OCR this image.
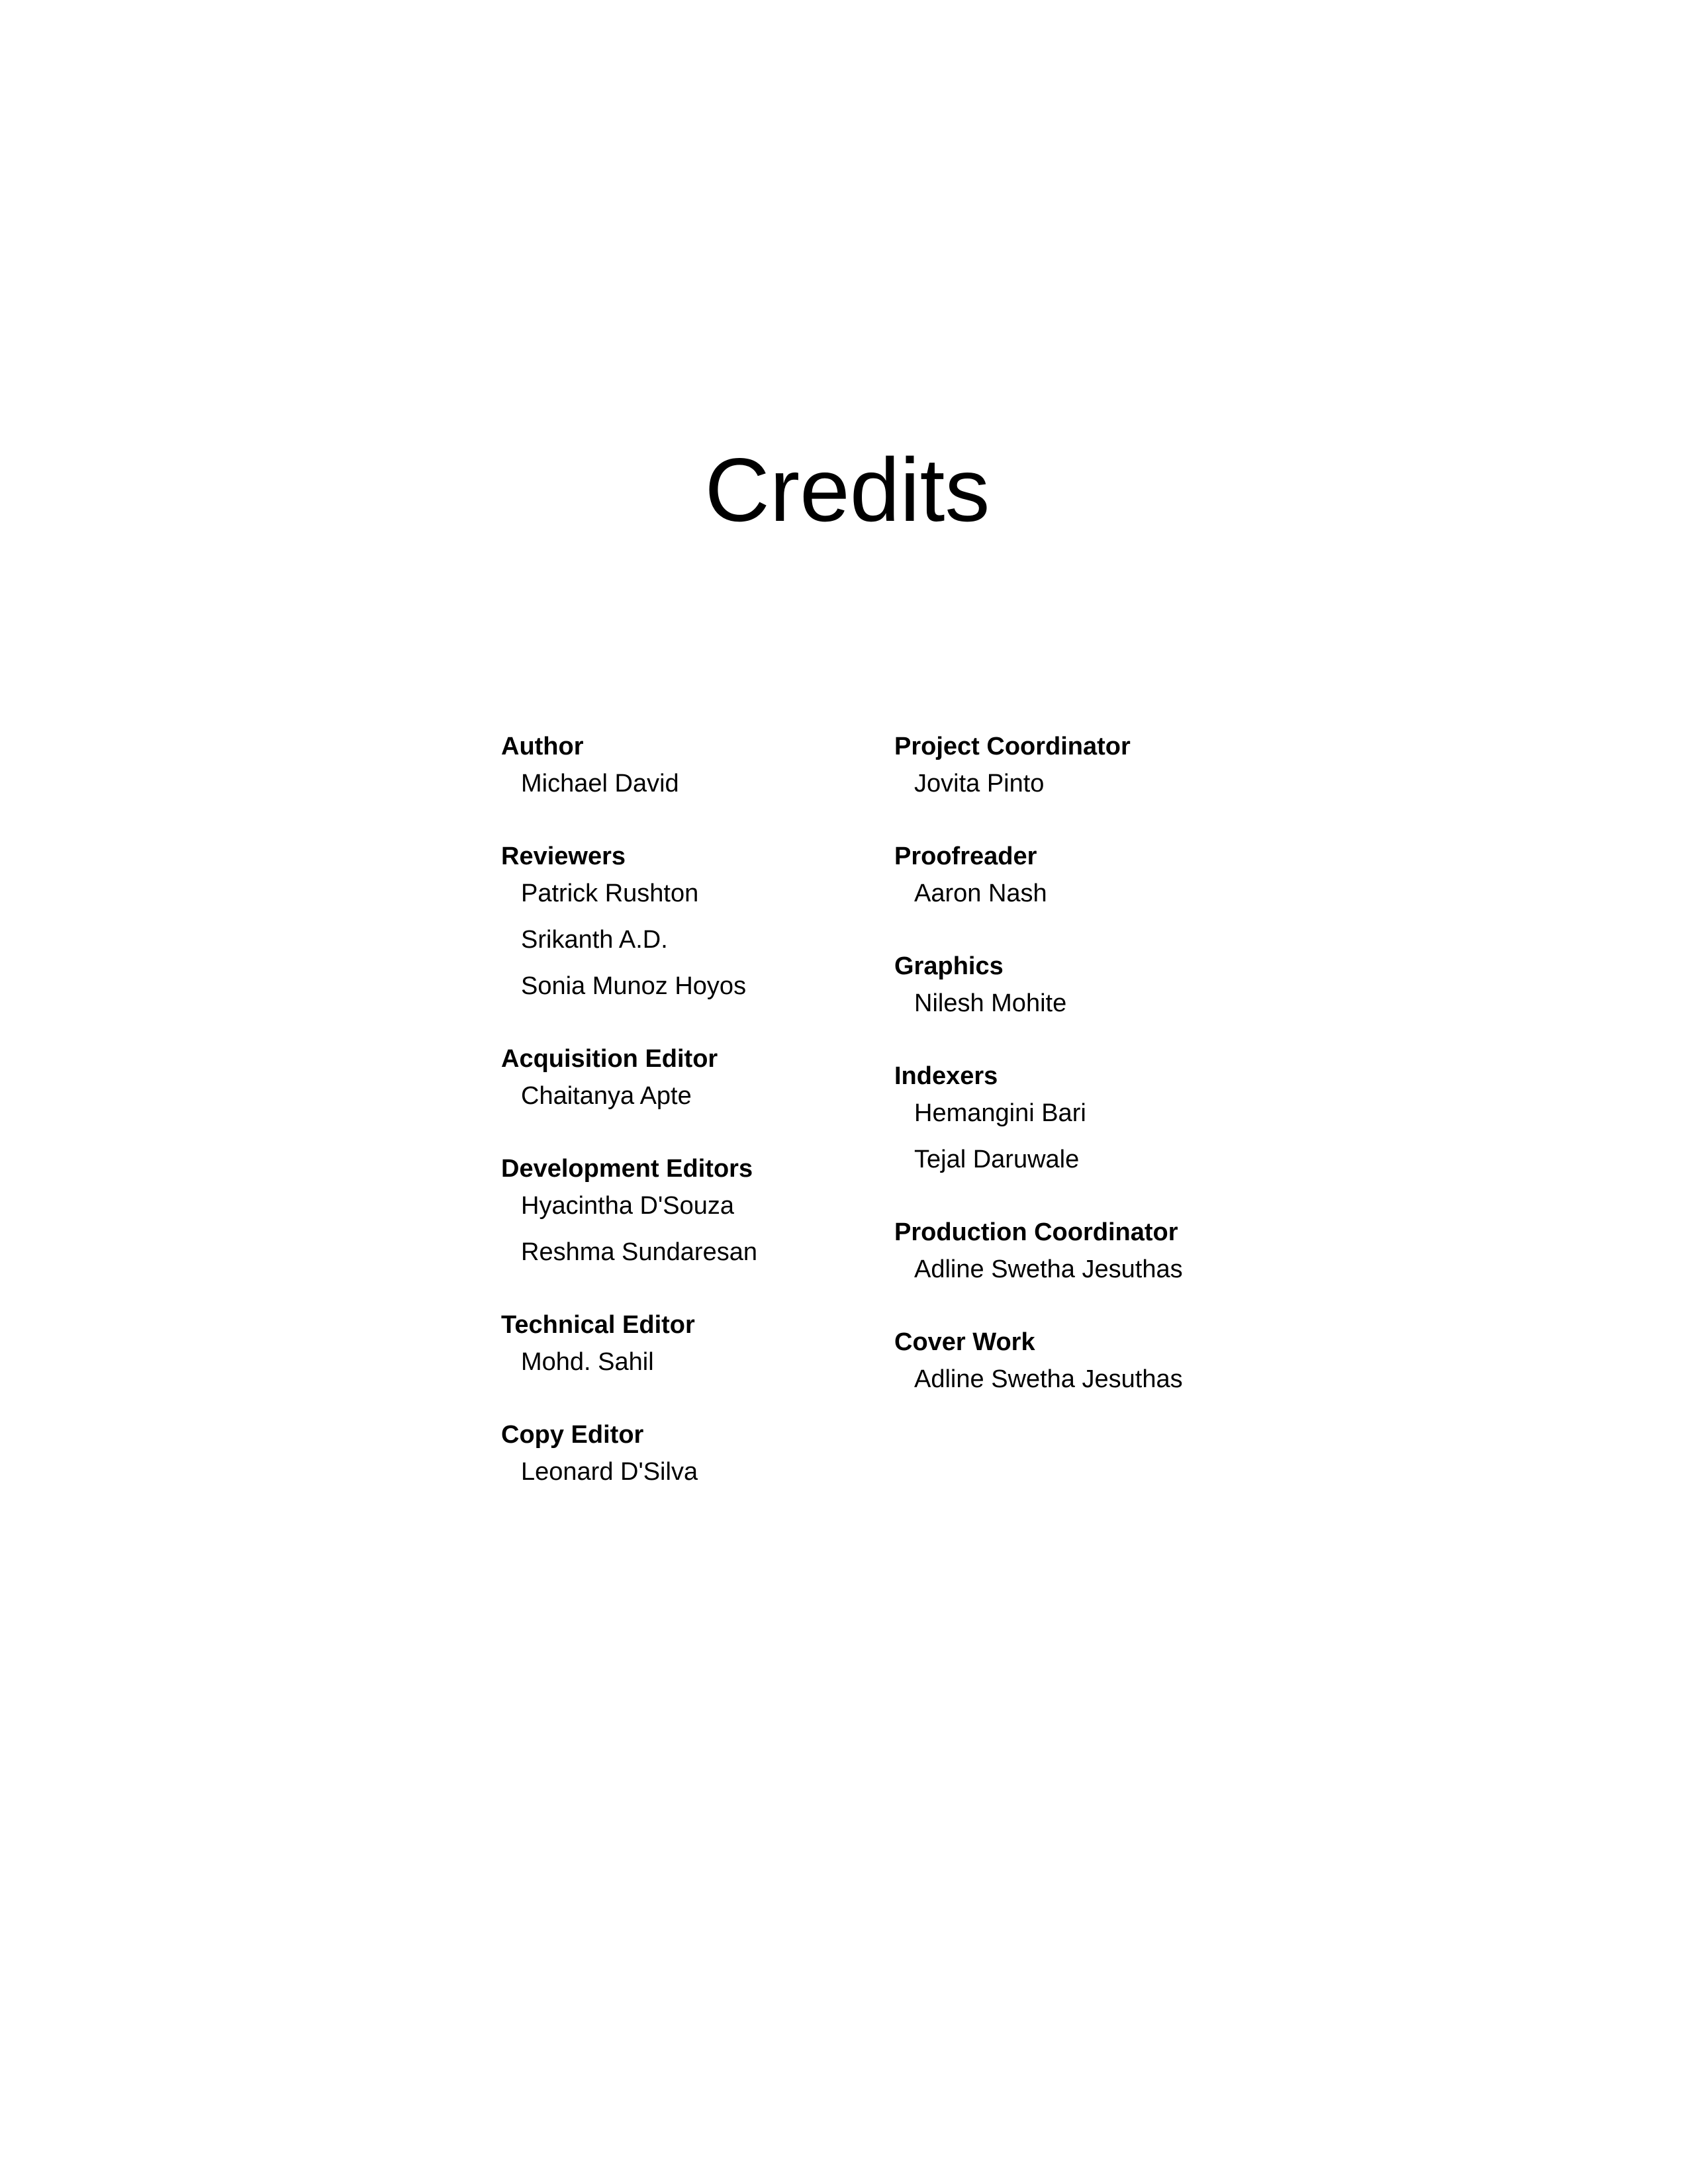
Credits

Author

Michael David

Reviewers

Patrick Rushton
Srikanth A.D.
Sonia Munoz Hoyos

Acquisition Editor

Chaitanya Apte

Development Editors

Hyacintha D'Souza
Reshma Sundaresan

Technical Editor

Mohd. Sahil

Copy Editor

Leonard D'Silva

Project Coordinator

Jovita Pinto

Proofreader

Aaron Nash

Graphics

Nilesh Mohite

Indexers

Hemangini Bari
Tejal Daruwale

Production Coordinator

Adline Swetha Jesuthas

Cover Work

Adline Swetha Jesuthas
